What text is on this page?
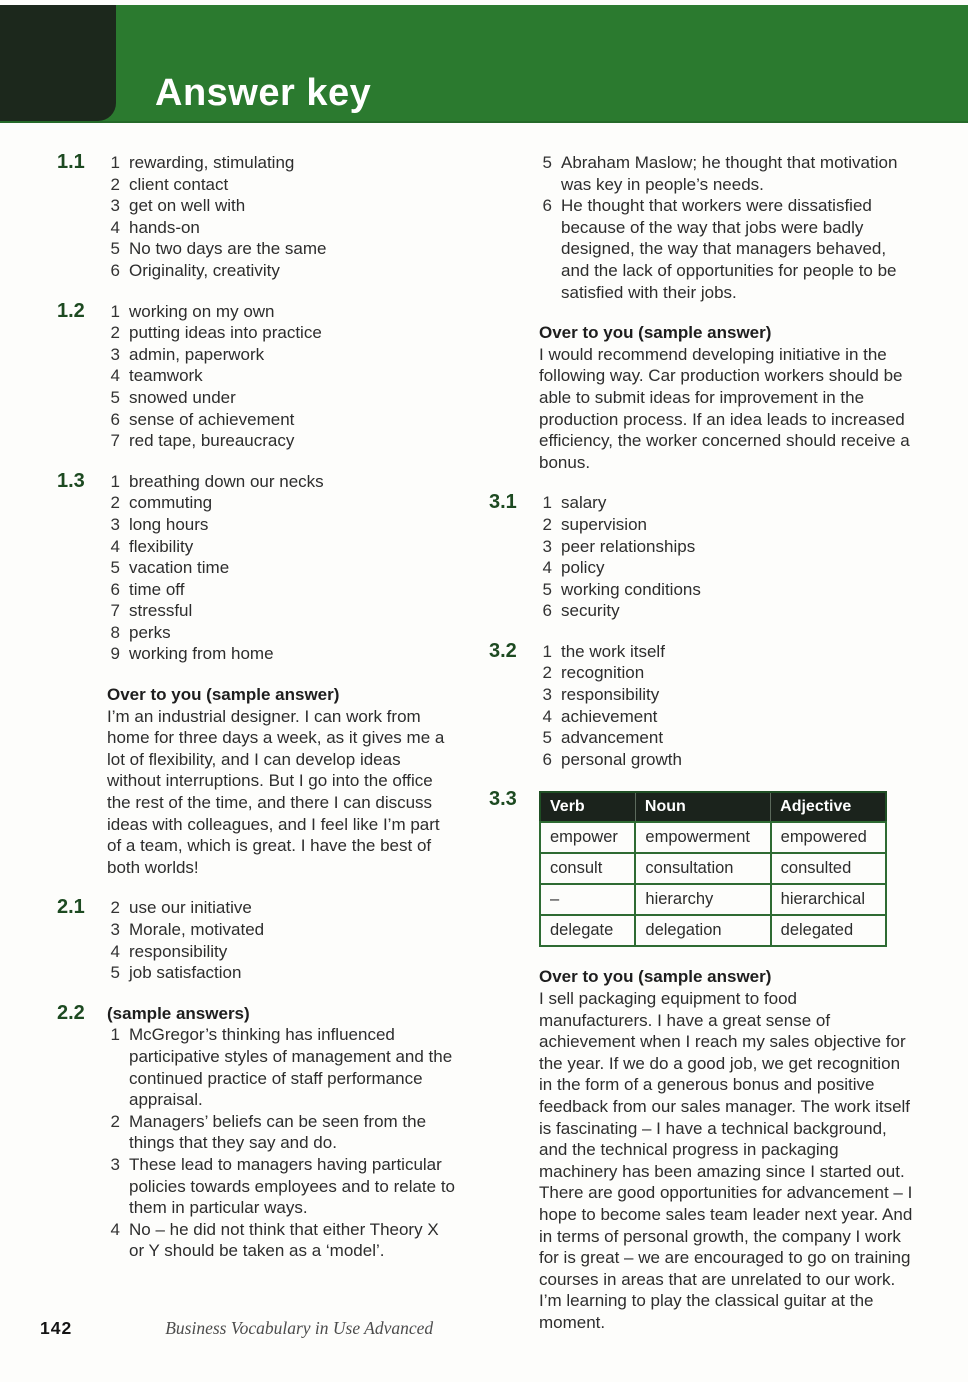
Answer key
1.1	1 rewarding, stimulating
2 client contact
3 get on well with
4 hands-on
5 No two days are the same
6 Originality, creativity
1.2	1 working on my own
2 putting ideas into practice
3 admin, paperwork
4 teamwork
5 snowed under
6 sense of achievement
7 red tape, bureaucracy
1.3	1 breathing down our necks
2 commuting
3 long hours
4 flexibility
5 vacation time
6 time off
7 stressful
8 perks
9 working from home
Over to you (sample answer)
I’m an industrial designer. I can work from home for three days a week, as it gives me a lot of flexibility, and I can develop ideas without interruptions. But I go into the office the rest of the time, and there I can discuss ideas with colleagues, and I feel like I’m part of a team, which is great. I have the best of both worlds!
2.1	2 use our initiative
3 Morale, motivated
4 responsibility
5 job satisfaction
2.2	(sample answers)
1 McGregor’s thinking has influenced participative styles of management and the continued practice of staff performance appraisal.
2 Managers’ beliefs can be seen from the things that they say and do.
3 These lead to managers having particular policies towards employees and to relate to them in particular ways.
4 No – he did not think that either Theory X or Y should be taken as a ‘model’.
5 Abraham Maslow; he thought that motivation was key in people’s needs.
6 He thought that workers were dissatisfied because of the way that jobs were badly designed, the way that managers behaved, and the lack of opportunities for people to be satisfied with their jobs.
Over to you (sample answer)
I would recommend developing initiative in the following way. Car production workers should be able to submit ideas for improvement in the production process. If an idea leads to increased efficiency, the worker concerned should receive a bonus.
3.1	1 salary
2 supervision
3 peer relationships
4 policy
5 working conditions
6 security
3.2	1 the work itself
2 recognition
3 responsibility
4 achievement
5 advancement
6 personal growth
3.3	Verb	Noun	Adjective
empower	empowerment	empowered
consult	consultation	consulted
–	hierarchy	hierarchical
delegate	delegation	delegated
Over to you (sample answer)
I sell packaging equipment to food manufacturers. I have a great sense of achievement when I reach my sales objective for the year. If we do a good job, we get recognition in the form of a generous bonus and positive feedback from our sales manager. The work itself is fascinating – I have a technical background, and the technical progress in packaging machinery has been amazing since I started out. There are good opportunities for advancement – I hope to become sales team leader next year. And in terms of personal growth, the company I work for is great – we are encouraged to go on training courses in areas that are unrelated to our work. I’m learning to play the classical guitar at the moment.
142	Business Vocabulary in Use Advanced
